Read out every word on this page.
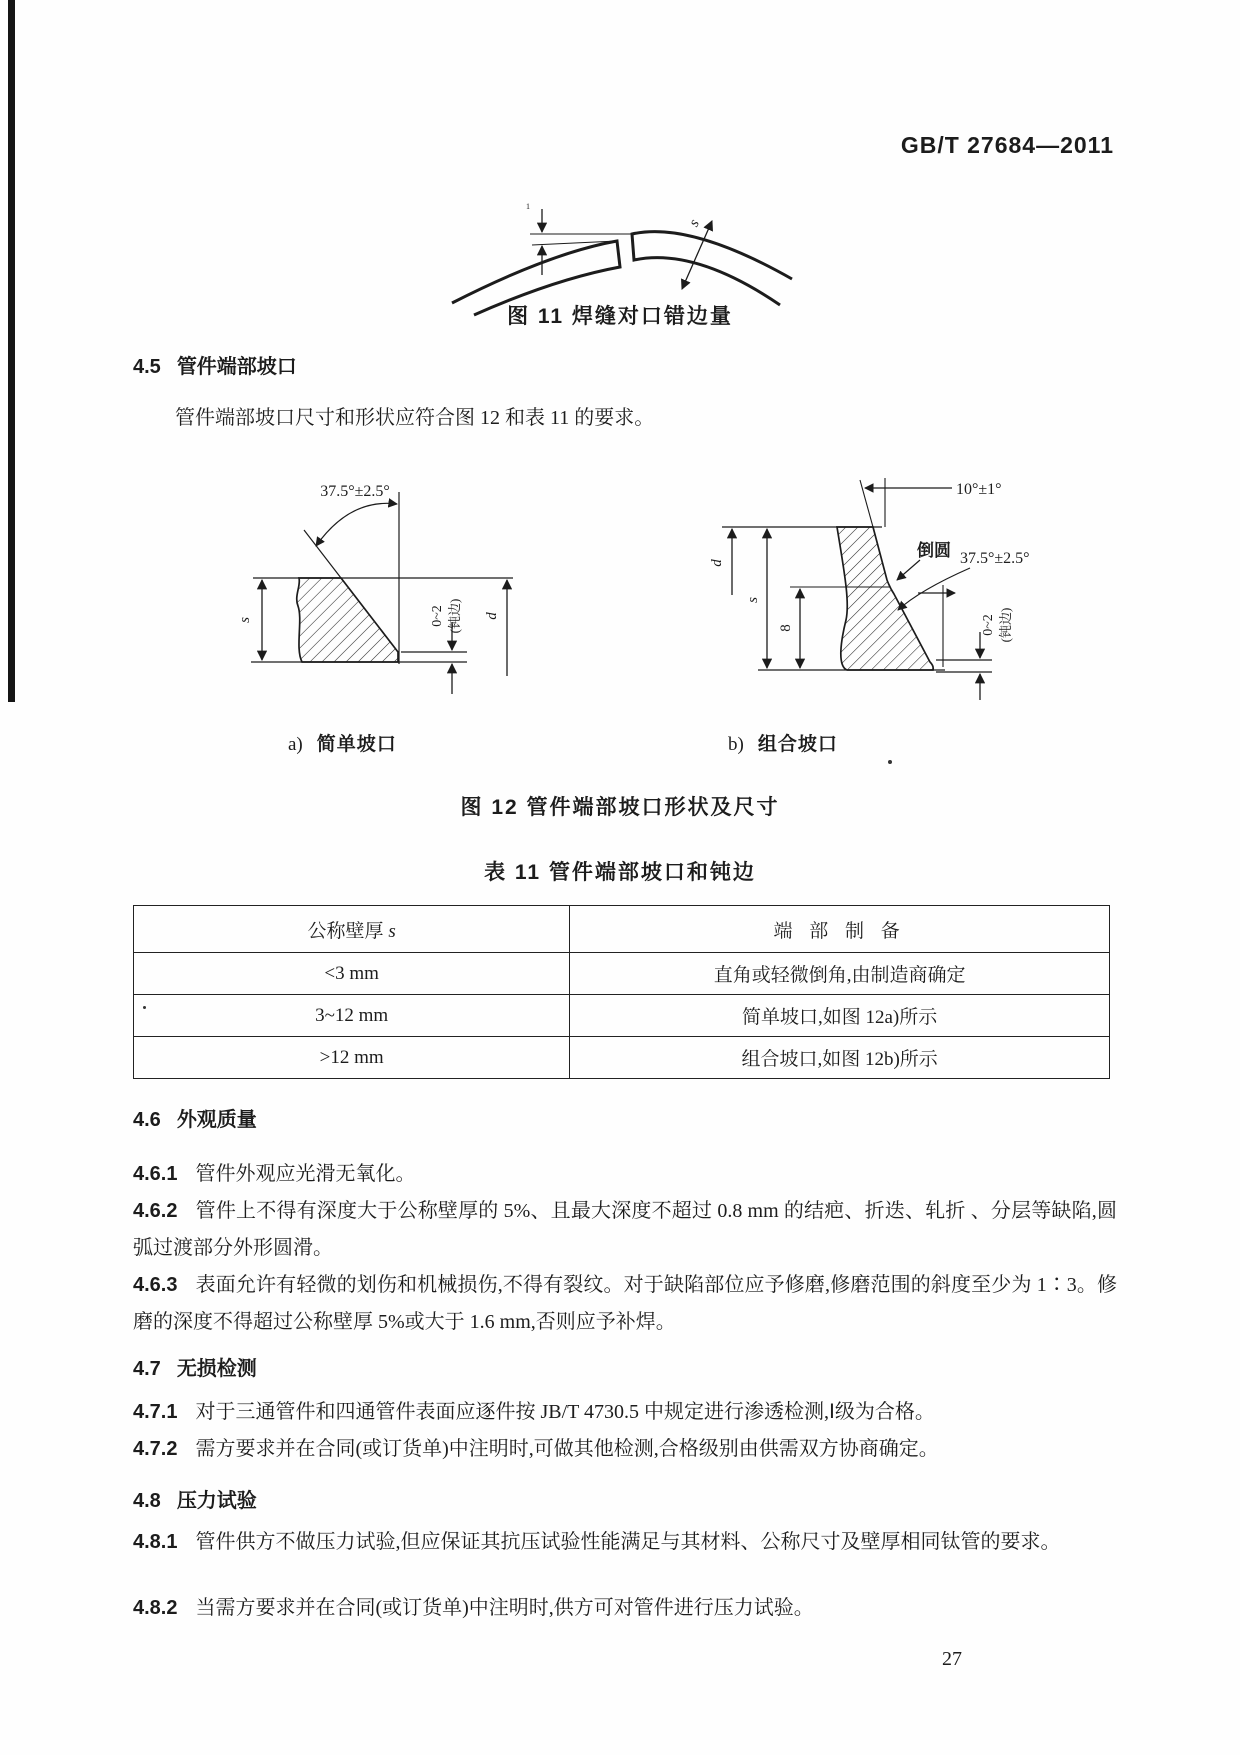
GB/T 27684—2011
1
s
图 11 焊缝对口错边量
4.5 管件端部坡口
管件端部坡口尺寸和形状应符合图 12 和表 11 的要求。
37.5°±2.5°
s	0~2 (钝边) d
10°±1°
倒圆 37.5°±2.5°
d
s
8	0~2 (钝边)
a) 简单坡口	b) 组合坡口
图 12 管件端部坡口形状及尺寸
表 11 管件端部坡口和钝边
公称壁厚 s	端 部 制 备
<3 mm	直角或轻微倒角,由制造商确定
3~12 mm	简单坡口,如图 12a)所示
>12 mm	组合坡口,如图 12b)所示
4.6 外观质量
4.6.1 管件外观应光滑无氧化。
4.6.2 管件上不得有深度大于公称壁厚的 5%、且最大深度不超过 0.8 mm 的结疤、折迭、轧折 、分层等缺陷,圆弧过渡部分外形圆滑。
4.6.3 表面允许有轻微的划伤和机械损伤,不得有裂纹。对于缺陷部位应予修磨,修磨范围的斜度至少为 1∶3。修磨的深度不得超过公称壁厚 5%或大于 1.6 mm,否则应予补焊。
4.7 无损检测
4.7.1 对于三通管件和四通管件表面应逐件按 JB/T 4730.5 中规定进行渗透检测,Ⅰ级为合格。
4.7.2 需方要求并在合同(或订货单)中注明时,可做其他检测,合格级别由供需双方协商确定。
4.8 压力试验
4.8.1 管件供方不做压力试验,但应保证其抗压试验性能满足与其材料、公称尺寸及壁厚相同钛管的要求。
4.8.2 当需方要求并在合同(或订货单)中注明时,供方可对管件进行压力试验。
27
